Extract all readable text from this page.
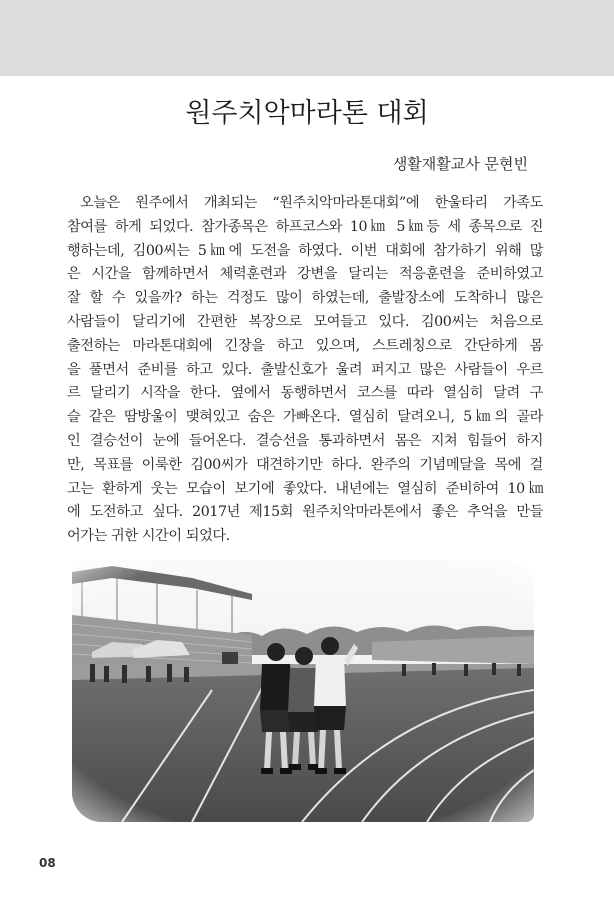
원주치악마라톤 대회
생활재활교사 문현빈
오늘은 원주에서 개최되는 “원주치악마라톤대회”에 한울타리 가족도
참여를 하게 되었다. 참가종목은 하프코스와 10㎞ 5㎞등 세 종목으로 진
행하는데, 김00씨는 5㎞에 도전을 하였다. 이번 대회에 참가하기 위해 많
은 시간을 함께하면서 체력훈련과 강변을 달리는 적응훈련을 준비하였고
잘 할 수 있을까? 하는 걱정도 많이 하였는데, 출발장소에 도착하니 많은
사람들이 달리기에 간편한 복장으로 모여들고 있다. 김00씨는 처음으로
출전하는 마라톤대회에 긴장을 하고 있으며, 스트레칭으로 간단하게 몸
을 풀면서 준비를 하고 있다. 출발신호가 울려 퍼지고 많은 사람들이 우르
르 달리기 시작을 한다. 옆에서 동행하면서 코스를 따라 열심히 달려 구
슬 같은 땀방울이 맺혀있고 숨은 가빠온다. 열심히 달려오니, 5㎞의 골라
인 결승선이 눈에 들어온다. 결승선을 통과하면서 몸은 지쳐 힘들어 하지
만, 목표를 이룩한 김00씨가 대견하기만 하다. 완주의 기념메달을 목에 걸
고는 환하게 웃는 모습이 보기에 좋았다. 내년에는 열심히 준비하여 10㎞
에 도전하고 싶다. 2017년 제15회 원주치악마라톤에서 좋은 추억을 만들
어가는 귀한 시간이 되었다.
08
